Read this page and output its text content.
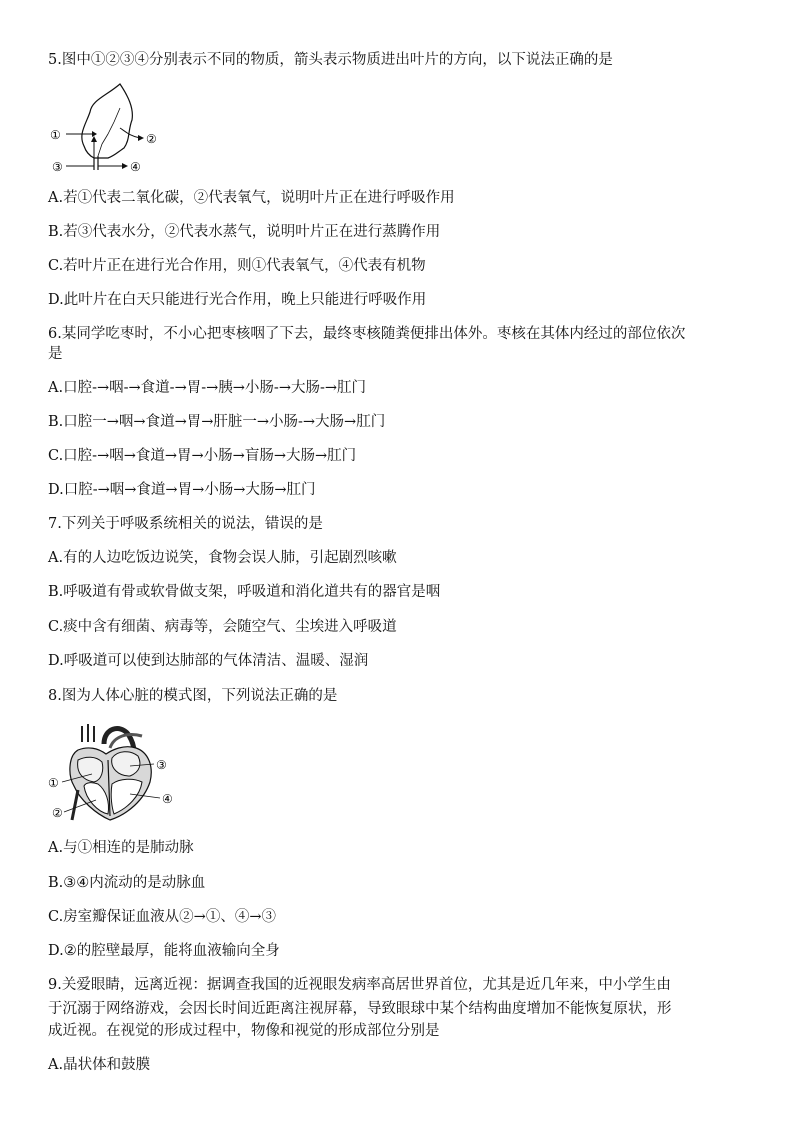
5.图中①②③④分别表示不同的物质，箭头表示物质进出叶片的方向，以下说法正确的是
①	②
③	④
A.若①代表二氧化碳，②代表氧气，说明叶片正在进行呼吸作用
B.若③代表水分，②代表水蒸气，说明叶片正在进行蒸腾作用
C.若叶片正在进行光合作用，则①代表氧气，④代表有机物
D.此叶片在白天只能进行光合作用，晚上只能进行呼吸作用
6.某同学吃枣时，不小心把枣核咽了下去，最终枣核随粪便排出体外。枣核在其体内经过的部位依次
是
A.口腔-→咽-→食道-→胃-→胰→小肠-→大肠-→肛门
B.口腔一→咽→食道→胃→肝脏一→小肠-→大肠→肛门
C.口腔-→咽→食道→胃→小肠→盲肠→大肠→肛门
D.口腔-→咽→食道→胃→小肠→大肠→肛门
7.下列关于呼吸系统相关的说法，错误的是
A.有的人边吃饭边说笑，食物会误人肺，引起剧烈咳嗽
B.呼吸道有骨或软骨做支架，呼吸道和消化道共有的器官是咽
C.痰中含有细菌、病毒等，会随空气、尘埃进入呼吸道
D.呼吸道可以使到达肺部的气体清洁、温暖、湿润
8.图为人体心脏的模式图，下列说法正确的是
①
②
③
④
A.与①相连的是肺动脉
B.③④内流动的是动脉血
C.房室瓣保证血液从②→①、④→③
D.②的腔壁最厚，能将血液输向全身
9.关爱眼睛，远离近视：据调查我国的近视眼发病率高居世界首位，尤其是近几年来，中小学生由
于沉溺于网络游戏，会因长时间近距离注视屏幕，导致眼球中某个结构曲度增加不能恢复原状，形
成近视。在视觉的形成过程中，物像和视觉的形成部位分别是
A.晶状体和鼓膜
